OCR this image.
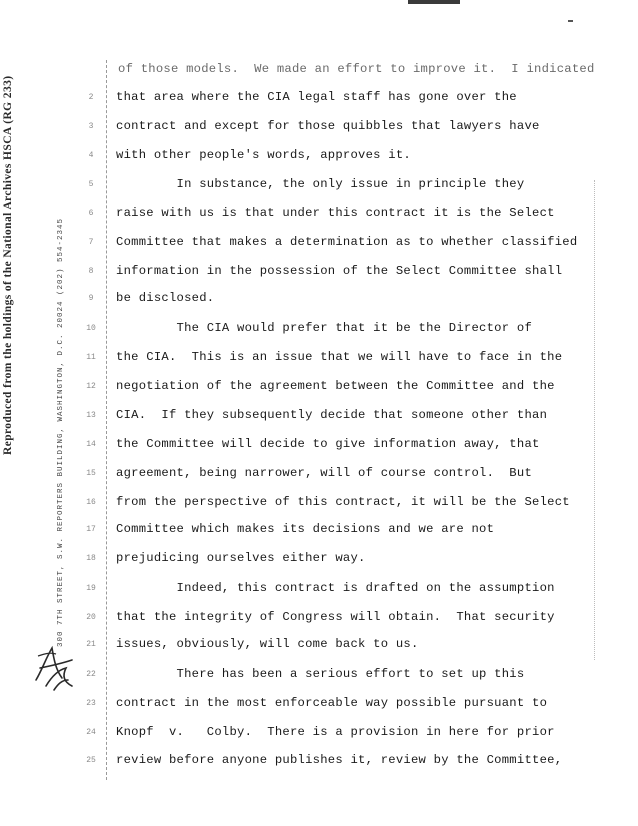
Reproduced from the holdings of the National Archives HSCA (RG 233)	300 7TH STREET, S.W. REPORTERS BUILDING, WASHINGTON, D.C. 20024 (202) 554-2345
of those models.  We made an effort to improve it.  I indicated
2	that area where the CIA legal staff has gone over the
3	contract and except for those quibbles that lawyers have
4	with other people's words, approves it.
5	In substance, the only issue in principle they
6	raise with us is that under this contract it is the Select
7	Committee that makes a determination as to whether classified
8	information in the possession of the Select Committee shall
9	be disclosed.
10 The CIA would prefer that it be the Director of
11 the CIA.  This is an issue that we will have to face in the
12 negotiation of the agreement between the Committee and the
13 CIA.  If they subsequently decide that someone other than
14 the Committee will decide to give information away, that
15 agreement, being narrower, will of course control.  But
16 from the perspective of this contract, it will be the Select
17 Committee which makes its decisions and we are not
18 prejudicing ourselves either way.
19 Indeed, this contract is drafted on the assumption
20 that the integrity of Congress will obtain.  That security
21 issues, obviously, will come back to us.
22 There has been a serious effort to set up this
23 contract in the most enforceable way possible pursuant to
24 Knopf  v.   Colby.  There is a provision in here for prior
25 review before anyone publishes it, review by the Committee,
